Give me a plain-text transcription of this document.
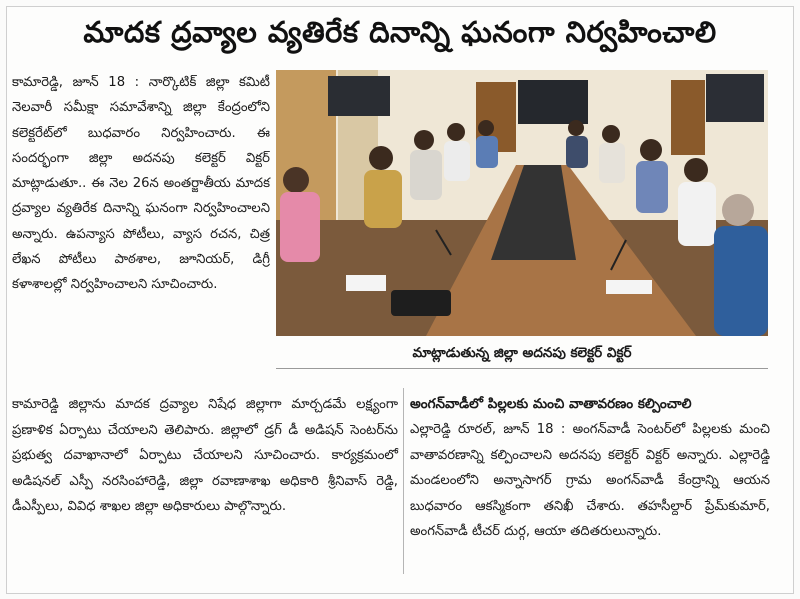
మాదక ద్రవ్యాల వ్యతిరేక దినాన్ని ఘనంగా నిర్వహించాలి

కామారెడ్డి, జూన్ 18 : నార్కొటిక్ జిల్లా కమిటీ నెలవారీ సమీక్షా సమావేశాన్ని జిల్లా కేంద్రంలోని కలెక్టరేట్‌లో బుధవారం నిర్వహించారు. ఈ సందర్భంగా జిల్లా అదనపు కలెక్టర్ విక్టర్ మాట్లాడుతూ.. ఈ నెల 26న అంతర్జాతీయ మాదక ద్రవ్యాల వ్యతిరేక దినాన్ని ఘనంగా నిర్వహించాలని అన్నారు. ఉపన్యాస పోటీలు, వ్యాస రచన, చిత్ర లేఖన పోటీలు పాఠశాల, జూనియర్, డిగ్రీ కళాశాలల్లో నిర్వహించాలని సూచించారు.

మాట్లాడుతున్న జిల్లా అదనపు కలెక్టర్ విక్టర్

కామారెడ్డి జిల్లాను మాదక ద్రవ్యాల నిషేధ జిల్లాగా మార్చడమే లక్ష్యంగా ప్రణాళిక ఏర్పాటు చేయాలని తెలిపారు. జిల్లాలో డ్రగ్ డీ అడిషన్ సెంటర్‌ను ప్రభుత్వ దవాఖానాలో ఏర్పాటు చేయాలని సూచించారు. కార్యక్రమంలో అడిషనల్ ఎస్పీ నరసింహారెడ్డి, జిల్లా రవాణాశాఖ అధికారి శ్రీనివాస్ రెడ్డి, డీఎస్పీలు, వివిధ శాఖల జిల్లా అధికారులు పాల్గొన్నారు.

అంగన్‌వాడీలో పిల్లలకు మంచి వాతావరణం కల్పించాలి

ఎల్లారెడ్డి రూరల్, జూన్ 18 : అంగన్‌వాడీ సెంటర్‌లో పిల్లలకు మంచి వాతావరణాన్ని కల్పించాలని అదనపు కలెక్టర్ విక్టర్ అన్నారు. ఎల్లారెడ్డి మండలంలోని అన్నాసాగర్ గ్రామ అంగన్‌వాడీ కేంద్రాన్ని ఆయన బుధవారం ఆకస్మికంగా తనిఖీ చేశారు. తహసీల్దార్ ప్రేమ్‌కుమార్, అంగన్‌వాడీ టీచర్ దుర్గ, ఆయా తదితరులున్నారు.
